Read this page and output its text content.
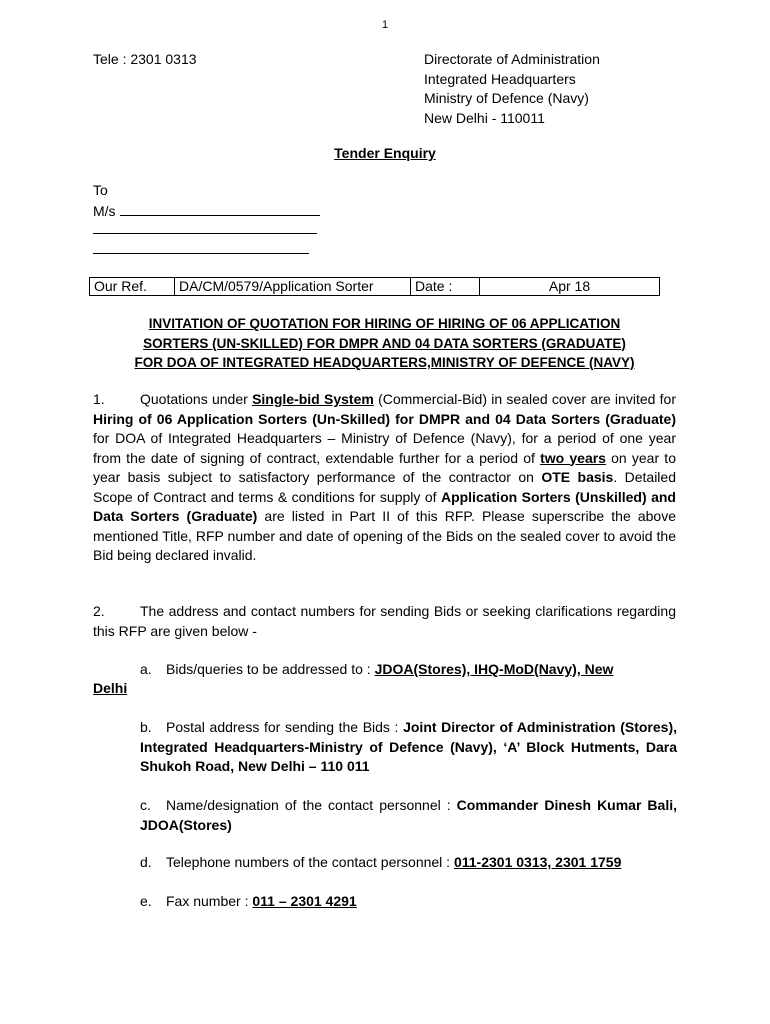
1
Tele : 2301 0313	Directorate of Administration
Integrated Headquarters
Ministry of Defence (Navy)
New Delhi - 110011
Tender Enquiry
To
M/s
Our Ref.	DA/CM/0579/Application Sorter	Date :	Apr 18
INVITATION OF QUOTATION FOR HIRING OF HIRING OF 06 APPLICATION
SORTERS (UN-SKILLED) FOR DMPR AND 04 DATA SORTERS (GRADUATE)
FOR DOA OF INTEGRATED HEADQUARTERS,MINISTRY OF DEFENCE (NAVY)
1.	Quotations under Single-bid System (Commercial-Bid) in sealed cover are invited for Hiring of 06 Application Sorters (Un-Skilled) for DMPR and 04 Data Sorters (Graduate) for DOA of Integrated Headquarters – Ministry of Defence (Navy), for a period of one year from the date of signing of contract, extendable further for a period of two years on year to year basis subject to satisfactory performance of the contractor on OTE basis. Detailed Scope of Contract and terms & conditions for supply of Application Sorters (Unskilled) and Data Sorters (Graduate) are listed in Part II of this RFP. Please superscribe the above mentioned Title, RFP number and date of opening of the Bids on the sealed cover to avoid the Bid being declared invalid.
2.	The address and contact numbers for sending Bids or seeking clarifications regarding this RFP are given below -
a. Bids/queries to be addressed to : JDOA(Stores), IHQ-MoD(Navy), New
Delhi
b. Postal address for sending the Bids : Joint Director of Administration (Stores), Integrated Headquarters-Ministry of Defence (Navy), ‘A’ Block Hutments, Dara Shukoh Road, New Delhi – 110 011
c. Name/designation of the contact personnel : Commander Dinesh Kumar Bali, JDOA(Stores)
d. Telephone numbers of the contact personnel : 011-2301 0313, 2301 1759
e. Fax number : 011 – 2301 4291
